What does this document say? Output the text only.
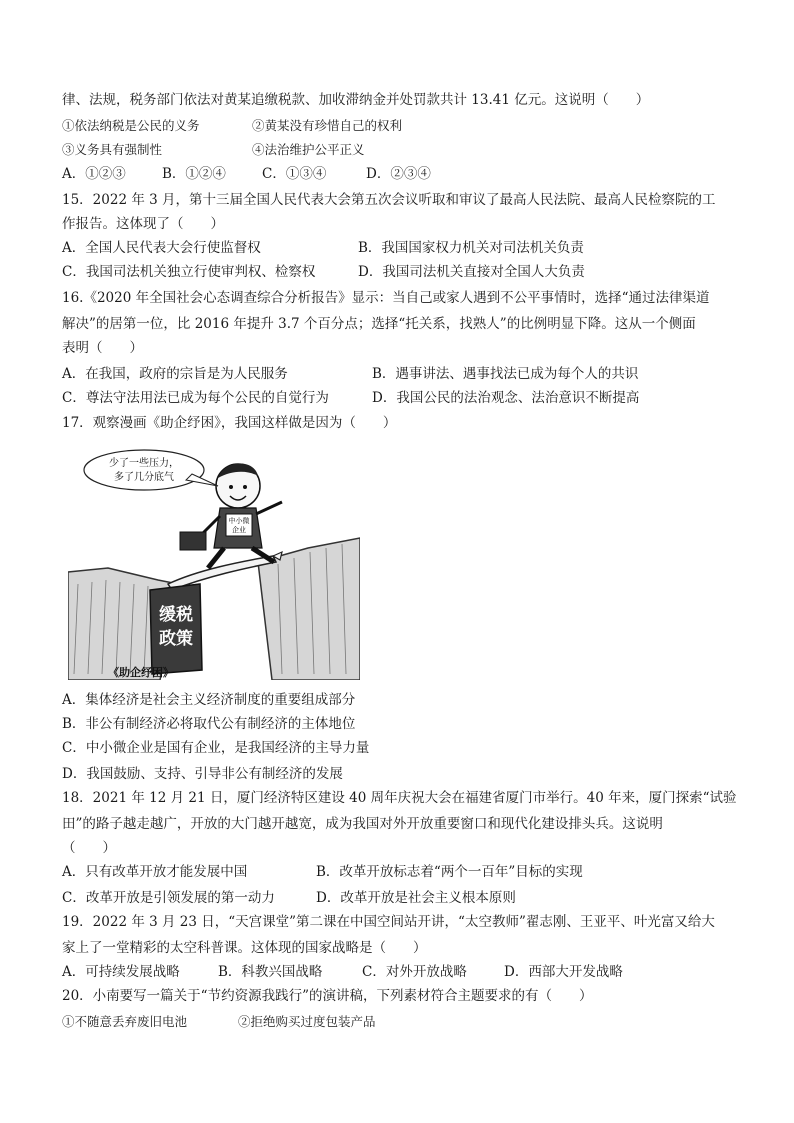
律、法规，税务部门依法对黄某追缴税款、加收滞纳金并处罚款共计 13.41 亿元。这说明（　　）
①依法纳税是公民的义务	②黄某没有珍惜自己的权利
③义务具有强制性	④法治维护公平正义
A．①②③	B．①②④	C．①③④	D．②③④
15．2022 年 3 月，第十三届全国人民代表大会第五次会议听取和审议了最高人民法院、最高人民检察院的工
作报告。这体现了（　　）
A．全国人民代表大会行使监督权	B．我国国家权力机关对司法机关负责
C．我国司法机关独立行使审判权、检察权	D．我国司法机关直接对全国人大负责
16.《2020 年全国社会心态调查综合分析报告》显示：当自己或家人遇到不公平事情时，选择“通过法律渠道
解决”的居第一位，比 2016 年提升 3.7 个百分点；选择“托关系，找熟人”的比例明显下降。这从一个侧面
表明（　　）
A．在我国，政府的宗旨是为人民服务	B．遇事讲法、遇事找法已成为每个人的共识
C．尊法守法用法已成为每个公民的自觉行为	D．我国公民的法治观念、法治意识不断提高
17．观察漫画《助企纾困》，我国这样做是因为（　　）
缓税
政策
中小微
企业
少了一些压力，
多了几分底气
《助企纾困》
A．集体经济是社会主义经济制度的重要组成部分
B．非公有制经济必将取代公有制经济的主体地位
C．中小微企业是国有企业，是我国经济的主导力量
D．我国鼓励、支持、引导非公有制经济的发展
18．2021 年 12 月 21 日，厦门经济特区建设 40 周年庆祝大会在福建省厦门市举行。40 年来，厦门探索“试验
田”的路子越走越广，开放的大门越开越宽，成为我国对外开放重要窗口和现代化建设排头兵。这说明
（　　）
A．只有改革开放才能发展中国	B．改革开放标志着“两个一百年”目标的实现
C．改革开放是引领发展的第一动力	D．改革开放是社会主义根本原则
19．2022 年 3 月 23 日，“天宫课堂”第二课在中国空间站开讲，“太空教师”翟志刚、王亚平、叶光富又给大
家上了一堂精彩的太空科普课。这体现的国家战略是（　　）
A．可持续发展战略	B．科教兴国战略	C．对外开放战略	D．西部大开发战略
20．小南要写一篇关于“节约资源我践行”的演讲稿，下列素材符合主题要求的有（　　）
①不随意丢弃废旧电池	②拒绝购买过度包装产品
